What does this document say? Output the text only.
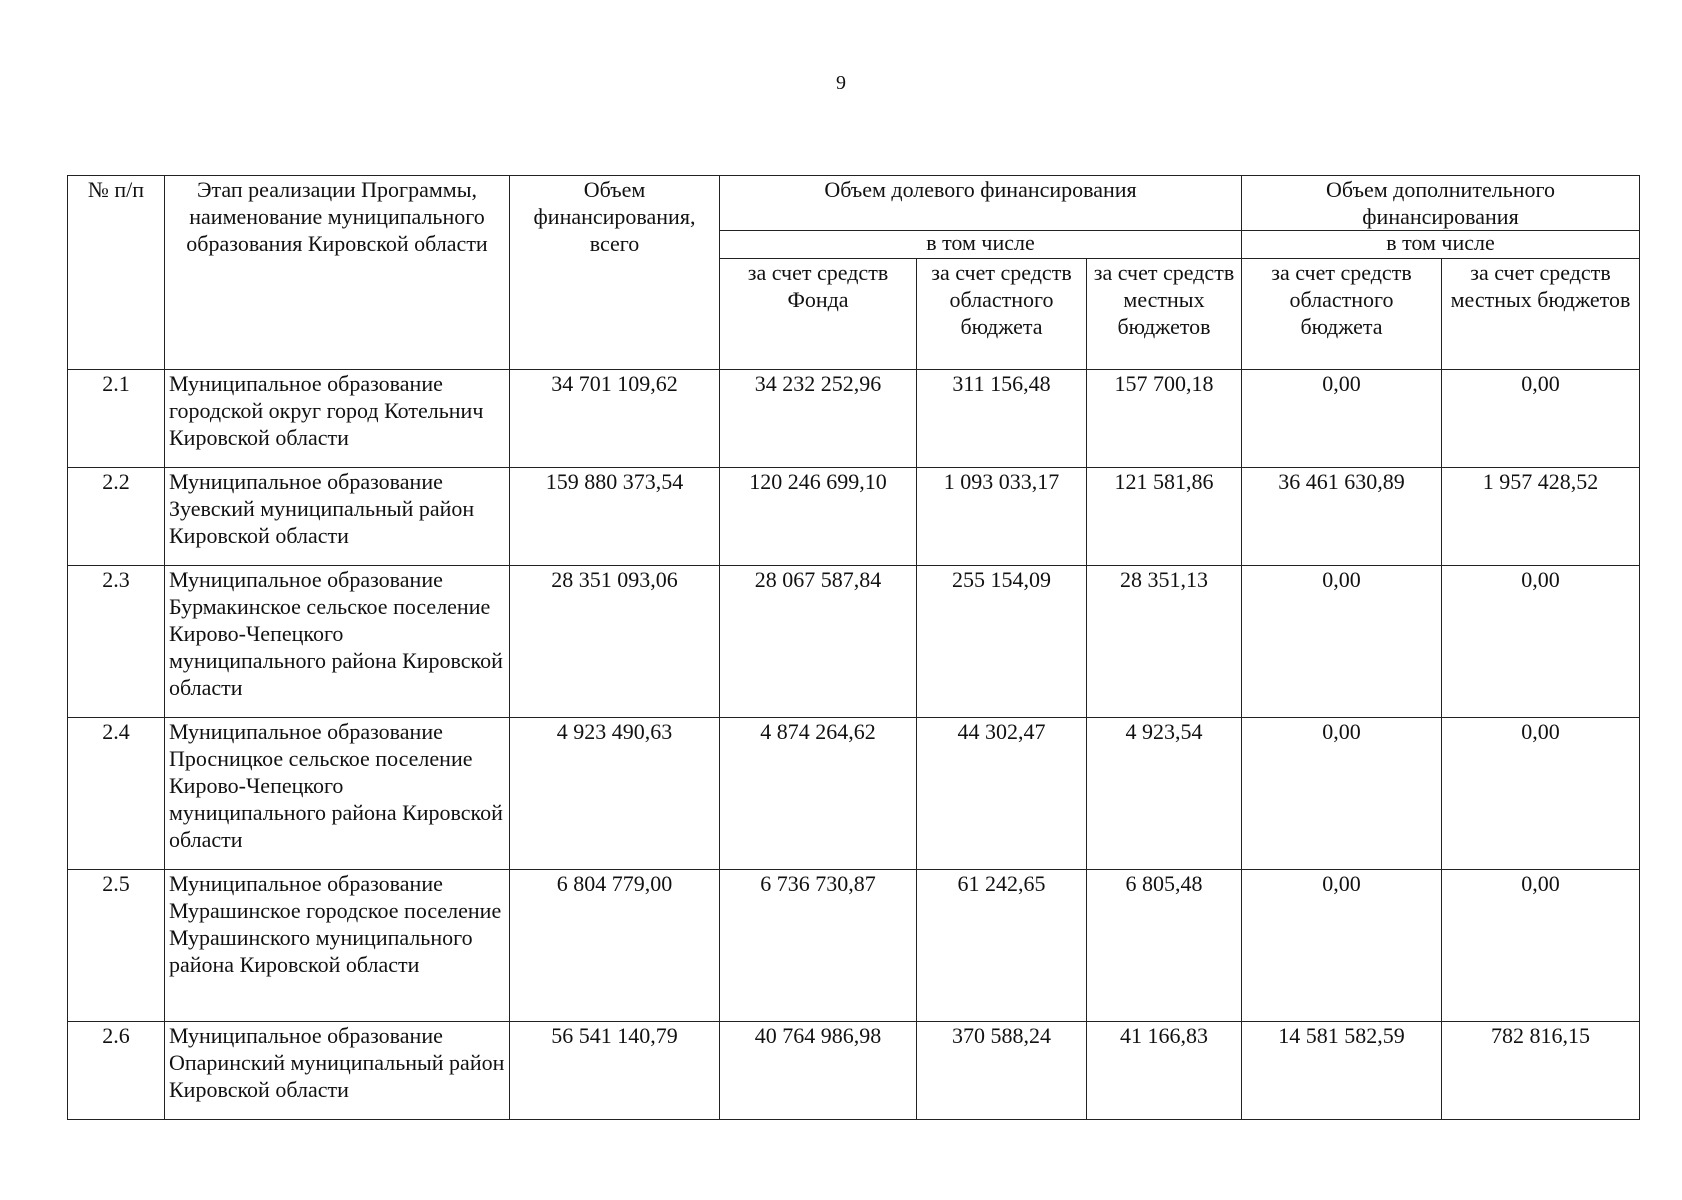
9
№ п/п	Этап реализации Программы, наименование муниципального образования Кировской области	Объем финансирования, всего	Объем долевого финансирования			Объем дополнительного финансирования	
			в том числе			в том числе	
			за счет средств Фонда	за счет средств областного бюджета	за счет средств местных бюджетов	за счет средств областного бюджета	за счет средств местных бюджетов
2.1	Муниципальное образование городской округ город Котельнич Кировской области	34 701 109,62	34 232 252,96	311 156,48	157 700,18	0,00	0,00
2.2	Муниципальное образование Зуевский муниципальный район Кировской области	159 880 373,54	120 246 699,10	1 093 033,17	121 581,86	36 461 630,89	1 957 428,52
2.3	Муниципальное образование Бурмакинское сельское поселение Кирово-Чепецкого муниципального района Кировской области	28 351 093,06	28 067 587,84	255 154,09	28 351,13	0,00	0,00
2.4	Муниципальное образование Просницкое сельское поселение Кирово-Чепецкого муниципального района Кировской области	4 923 490,63	4 874 264,62	44 302,47	4 923,54	0,00	0,00
2.5	Муниципальное образование Мурашинское городское поселение Мурашинского муниципального района Кировской области	6 804 779,00	6 736 730,87	61 242,65	6 805,48	0,00	0,00
2.6	Муниципальное образование Опаринский муниципальный район Кировской области	56 541 140,79	40 764 986,98	370 588,24	41 166,83	14 581 582,59	782 816,15
